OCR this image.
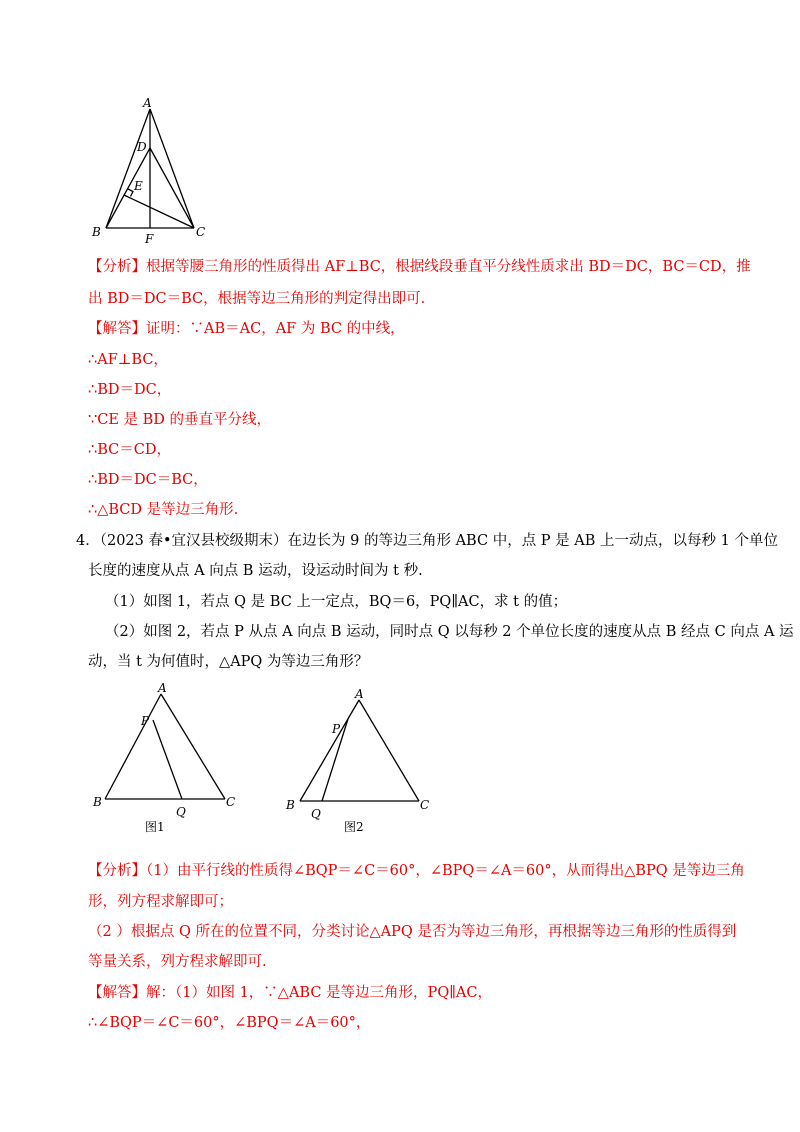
A
D
E
B	C
F
【分析】根据等腰三角形的性质得出 AF⊥BC，根据线段垂直平分线性质求出 BD＝DC，BC＝CD，推
出 BD＝DC＝BC，根据等边三角形的判定得出即可.
【解答】证明：∵AB＝AC，AF 为 BC 的中线，
∴AF⊥BC，
∴BD＝DC，
∵CE 是 BD 的垂直平分线，
∴BC＝CD，
∴BD＝DC＝BC，
∴△BCD 是等边三角形.
4．（2023 春•宜汉县校级期末）在边长为 9 的等边三角形 ABC 中，点 P 是 AB 上一动点，以每秒 1 个单位
长度的速度从点 A 向点 B 运动，设运动时间为 t 秒.
（1）如图 1，若点 Q 是 BC 上一定点，BQ＝6，PQ∥AC，求 t 的值；
（2）如图 2，若点 P 从点 A 向点 B 运动，同时点 Q 以每秒 2 个单位长度的速度从点 B 经点 C 向点 A 运
动，当 t 为何值时，△APQ 为等边三角形？
A
P
B
Q
C
图1
A
P
B
Q
C
图2
【分析】（1）由平行线的性质得∠BQP＝∠C＝60°，∠BPQ＝∠A＝60°，从而得出△BPQ 是等边三角
形，列方程求解即可；
（2 ）根据点 Q 所在的位置不同，分类讨论△APQ 是否为等边三角形，再根据等边三角形的性质得到
等量关系，列方程求解即可.
【解答】解：（1）如图 1，∵△ABC 是等边三角形，PQ∥AC，
∴∠BQP＝∠C＝60°，∠BPQ＝∠A＝60°，
